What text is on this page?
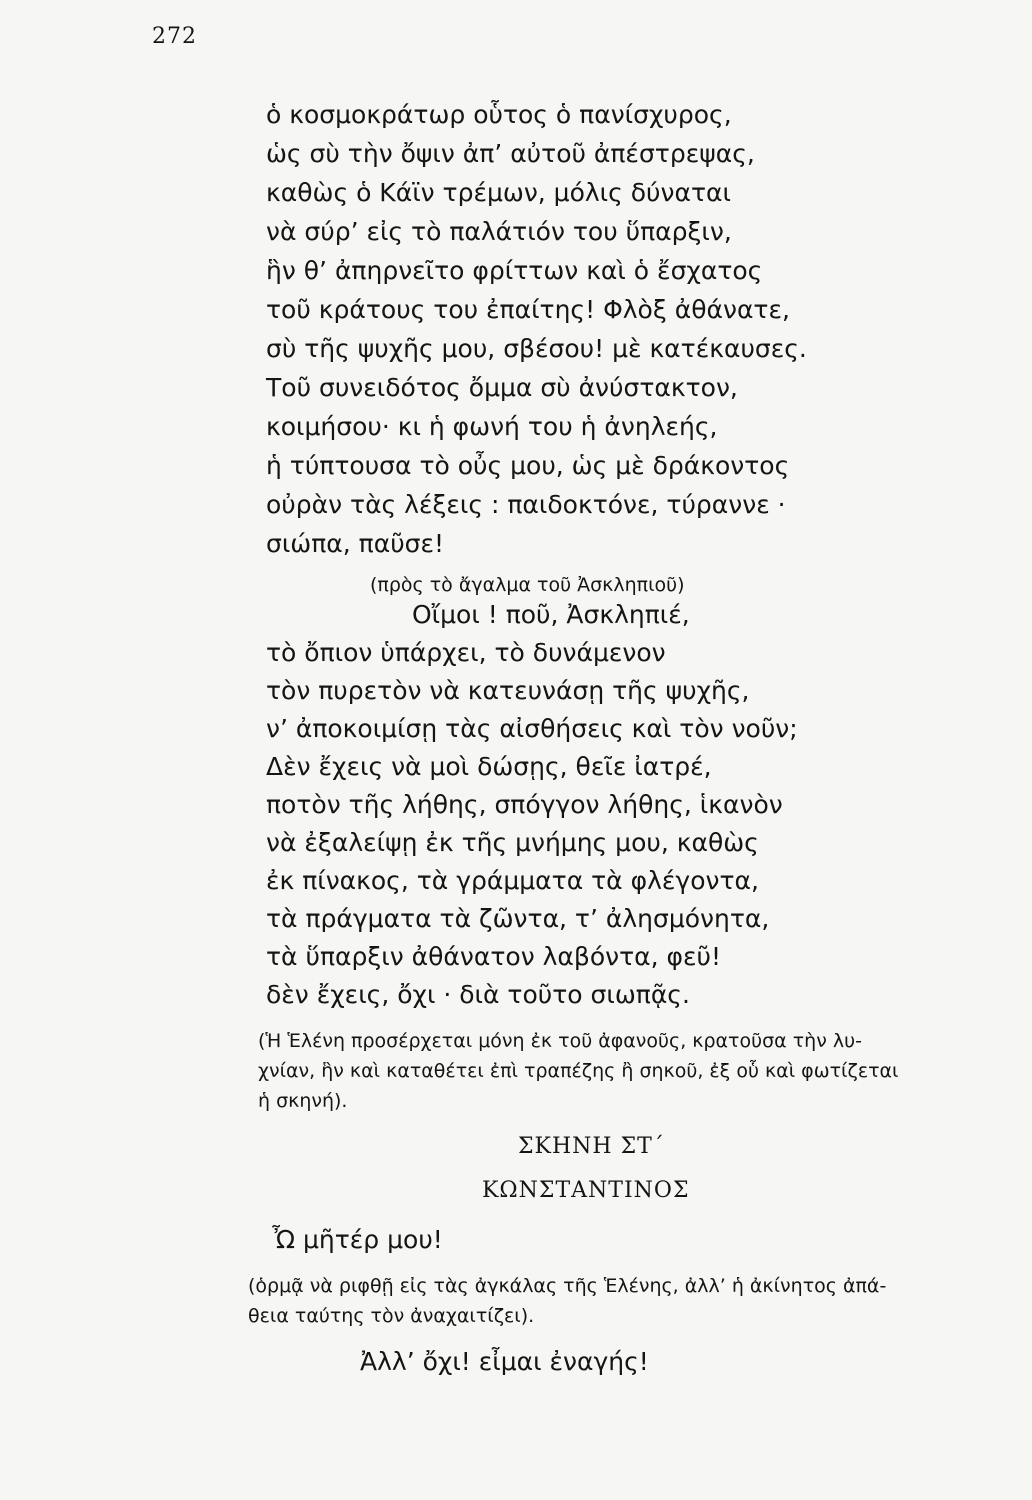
272
ὁ κοσμοκράτωρ οὗτος ὁ πανίσχυρος,
ὡς σὺ τὴν ὄψιν ἀπ’ αὐτοῦ ἀπέστρεψας,
καθὼς ὁ Κάϊν τρέμων, μόλις δύναται
νὰ σύρ’ εἰς τὸ παλάτιόν του ὕπαρξιν,
ἣν θ’ ἀπηρνεῖτο φρίττων καὶ ὁ ἔσχατος
τοῦ κράτους του ἐπαίτης! Φλὸξ ἀθάνατε,
σὺ τῆς ψυχῆς μου, σβέσου! μὲ κατέκαυσες.
Τοῦ συνειδότος ὄμμα σὺ ἀνύστακτον,
κοιμήσου· κι ἡ φωνή του ἡ ἀνηλεής,
ἡ τύπτουσα τὸ οὖς μου, ὡς μὲ δράκοντος
οὐρὰν τὰς λέξεις : παιδοκτόνε, τύραννε ·
σιώπα, παῦσε!
(πρὸς τὸ ἄγαλμα τοῦ Ἀσκληπιοῦ)
Οἴμοι ! ποῦ, Ἀσκληπιέ,
τὸ ὄπιον ὑπάρχει, τὸ δυνάμενον
τὸν πυρετὸν νὰ κατευνάσῃ τῆς ψυχῆς,
ν’ ἀποκοιμίσῃ τὰς αἰσθήσεις καὶ τὸν νοῦν;
Δὲν ἔχεις νὰ μοὶ δώσῃς, θεῖε ἰατρέ,
ποτὸν τῆς λήθης, σπόγγον λήθης, ἱκανὸν
νὰ ἐξαλείψῃ ἐκ τῆς μνήμης μου, καθὼς
ἐκ πίνακος, τὰ γράμματα τὰ φλέγοντα,
τὰ πράγματα τὰ ζῶντα, τ’ ἀλησμόνητα,
τὰ ὕπαρξιν ἀθάνατον λαβόντα, φεῦ!
δὲν ἔχεις, ὄχι · διὰ τοῦτο σιωπᾷς.
(Ἡ Ἑλένη προσέρχεται μόνη ἐκ τοῦ ἀφανοῦς, κρατοῦσα τὴν λυ-
χνίαν, ἣν καὶ καταθέτει ἐπὶ τραπέζης ἢ σηκοῦ, ἐξ οὗ καὶ φωτίζεται
ἡ σκηνή).
ΣΚΗΝΗ ΣΤ΄
ΚΩΝΣΤΑΝΤΙΝΟΣ
Ὦ μῆτέρ μου!
(ὁρμᾷ νὰ ριφθῇ εἰς τὰς ἀγκάλας τῆς Ἑλένης, ἀλλ’ ἡ ἀκίνητος ἀπά-
θεια ταύτης τὸν ἀναχαιτίζει).
Ἀλλ’ ὄχι! εἶμαι ἐναγής!
